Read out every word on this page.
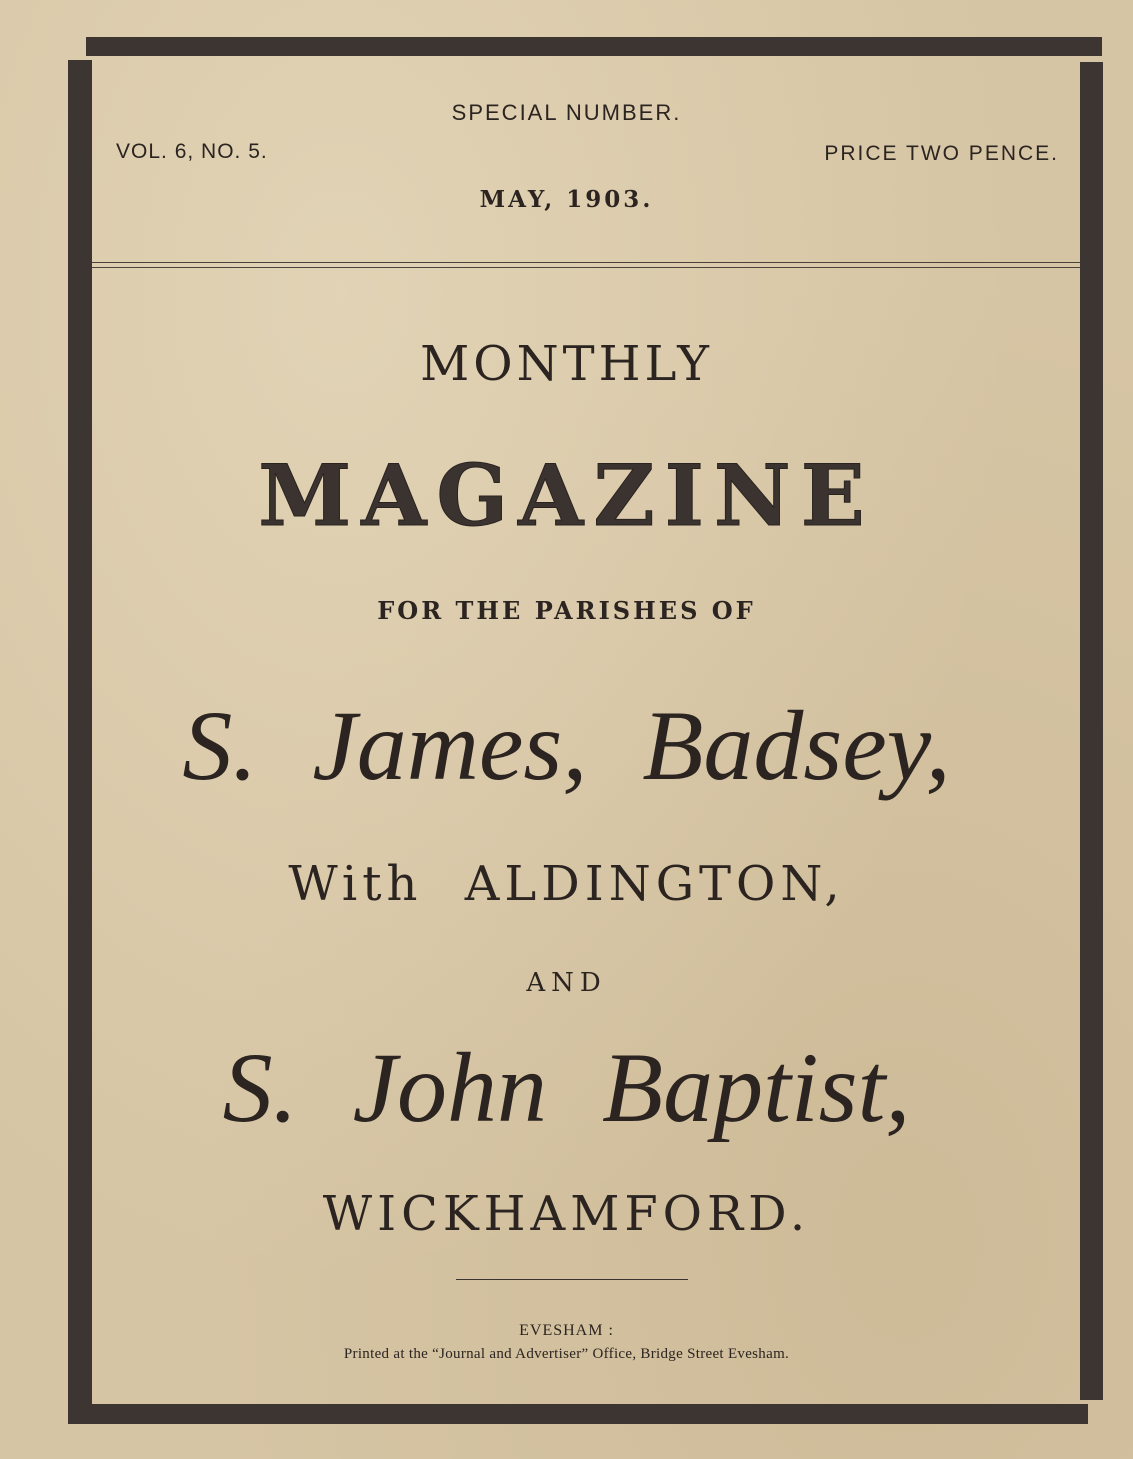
SPECIAL NUMBER.
VOL. 6, NO. 5.	PRICE TWO PENCE.
MAY, 1903.
MONTHLY
MAGAZINE
FOR THE PARISHES OF
S. James, Badsey,
With ALDINGTON,
AND
S. John Baptist,
WICKHAMFORD.
EVESHAM :
Printed at the “Journal and Advertiser” Office, Bridge Street Evesham.
